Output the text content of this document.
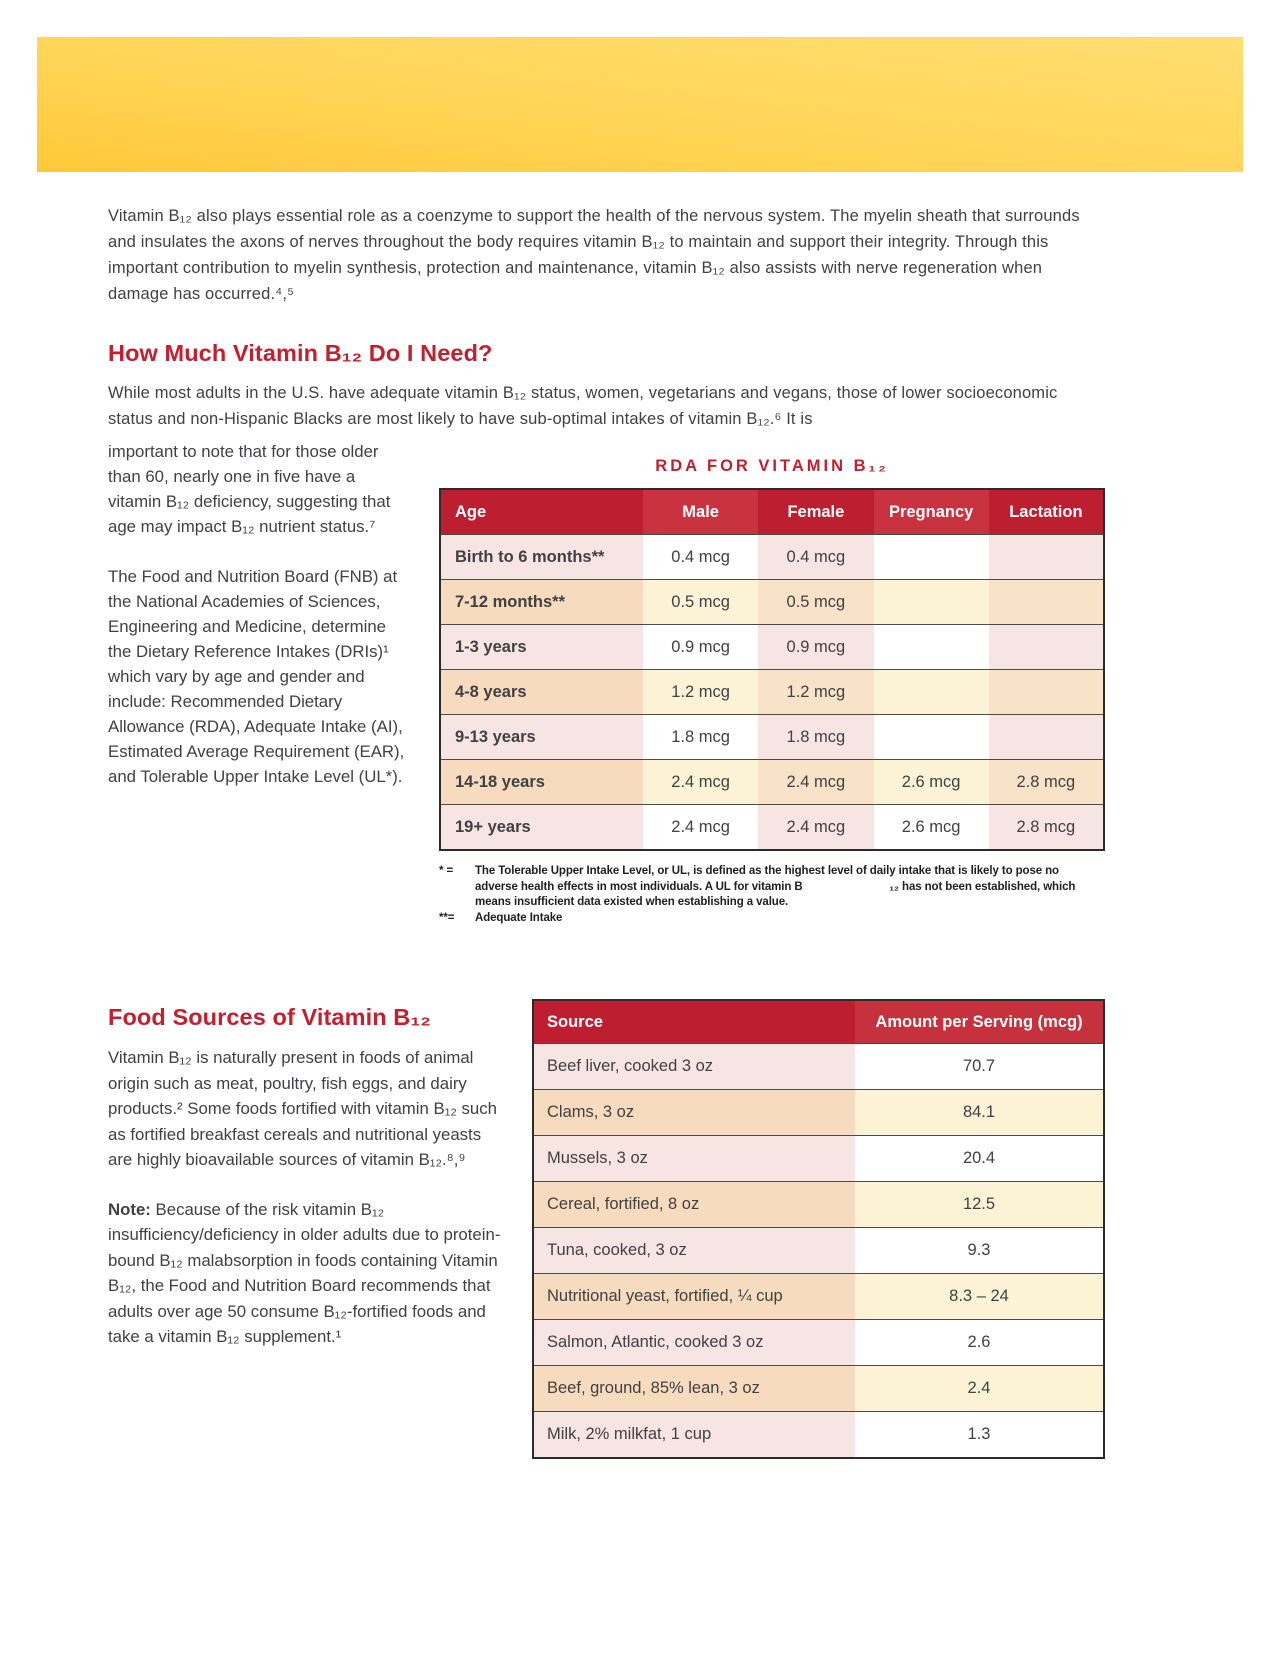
Vitamin B₁₂ also plays essential role as a coenzyme to support the health of the nervous system. The myelin sheath that surrounds and insulates the axons of nerves throughout the body requires vitamin B₁₂ to maintain and support their integrity. Through this important contribution to myelin synthesis, protection and maintenance, vitamin B₁₂ also assists with nerve regeneration when damage has occurred.⁴,⁵

How Much Vitamin B₁₂ Do I Need?

While most adults in the U.S. have adequate vitamin B₁₂ status, women, vegetarians and vegans, those of lower socioeconomic status and non-Hispanic Blacks are most likely to have sub-optimal intakes of vitamin B₁₂.⁶ It is

important to note that for those older than 60, nearly one in five have a vitamin B₁₂ deficiency, suggesting that age may impact B₁₂ nutrient status.⁷

The Food and Nutrition Board (FNB) at the National Academies of Sciences, Engineering and Medicine, determine the Dietary Reference Intakes (DRIs)¹ which vary by age and gender and include: Recommended Dietary Allowance (RDA), Adequate Intake (AI), Estimated Average Requirement (EAR), and Tolerable Upper Intake Level (UL*).

RDA FOR VITAMIN B₁₂
Age	Male	Female	Pregnancy	Lactation
Birth to 6 months**	0.4 mcg	0.4 mcg		
7-12 months**	0.5 mcg	0.5 mcg		
1-3 years	0.9 mcg	0.9 mcg		
4-8 years	1.2 mcg	1.2 mcg		
9-13 years	1.8 mcg	1.8 mcg		
14-18 years	2.4 mcg	2.4 mcg	2.6 mcg	2.8 mcg
19+ years	2.4 mcg	2.4 mcg	2.6 mcg	2.8 mcg
* =	The Tolerable Upper Intake Level, or UL, is defined as the highest level of daily intake that is likely to pose no adverse health effects in most individuals. A UL for vitamin B                            ₁₂ has not been established, which means insufficient data existed when establishing a value.
**=	Adequate Intake
Food Sources of Vitamin B₁₂

Vitamin B₁₂ is naturally present in foods of animal origin such as meat, poultry, fish eggs, and dairy products.² Some foods fortified with vitamin B₁₂ such as fortified breakfast cereals and nutritional yeasts are highly bioavailable sources of vitamin B₁₂.⁸,⁹

Note: Because of the risk vitamin B₁₂ insufficiency/deficiency in older adults due to protein-bound B₁₂ malabsorption in foods containing Vitamin B₁₂, the Food and Nutrition Board recommends that adults over age 50 consume B₁₂-fortified foods and take a vitamin B₁₂ supplement.¹

Source	Amount per Serving (mcg)
Beef liver, cooked 3 oz	70.7
Clams, 3 oz	84.1
Mussels, 3 oz	20.4
Cereal, fortified, 8 oz	12.5
Tuna, cooked, 3 oz	9.3
Nutritional yeast, fortified, ¼ cup	8.3 – 24
Salmon, Atlantic, cooked 3 oz	2.6
Beef, ground, 85% lean, 3 oz	2.4
Milk, 2% milkfat, 1 cup	1.3
